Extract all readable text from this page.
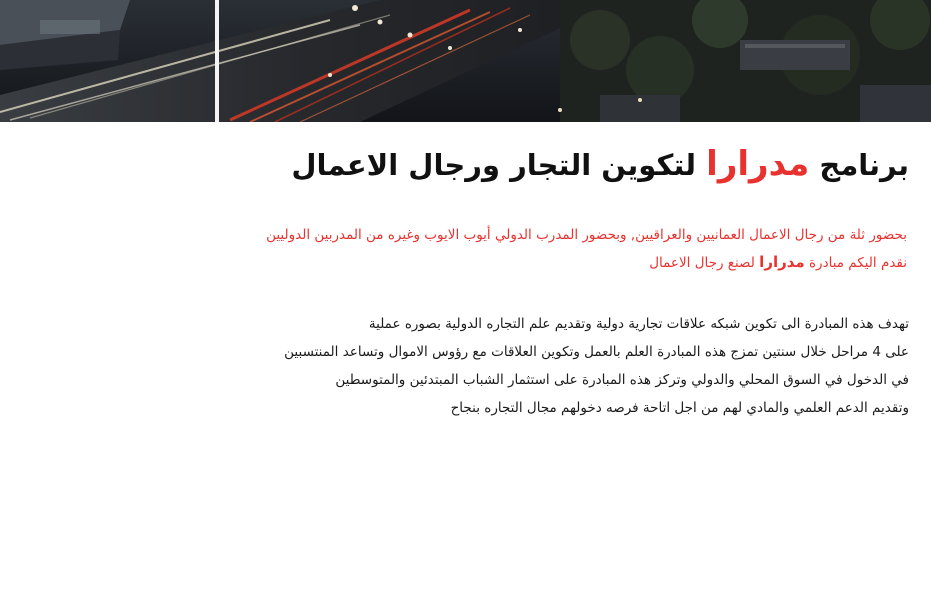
برنامج مدرارا لتكوين التجار ورجال الاعمال

بحضور ثلة من رجال الاعمال العمانيين والعراقيين, وبحضور المدرب الدولي أيوب الايوب وغيره من المدربين الدوليين

نقدم اليكم مبادرة مدرارا لصنع رجال الاعمال

تهدف هذه المبادرة الى تكوين شبكه علاقات تجارية دولية وتقديم علم التجاره الدولية بصوره عملية

على 4 مراحل خلال سنتين تمزج هذه المبادرة العلم بالعمل وتكوين العلاقات مع رؤوس الاموال وتساعد المنتسبين

في الدخول في السوق المحلي والدولي وتركز هذه المبادرة على استثمار الشباب المبتدئين والمتوسطين

وتقديم الدعم العلمي والمادي لهم من اجل اتاحة فرصه دخولهم مجال التجاره بنجاح
